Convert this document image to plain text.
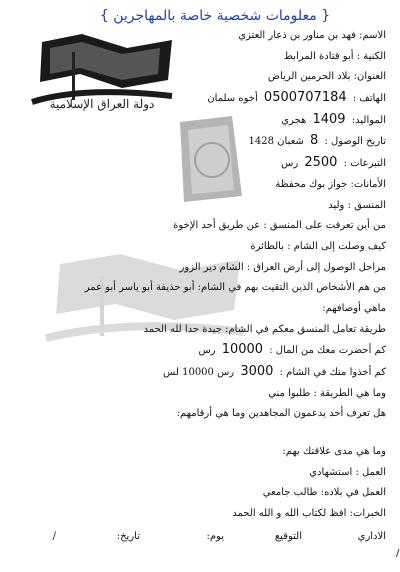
{ معلومات شخصية خاصة بالمهاجرين }
دولة العراق الإسلامية
الاسم: فهد بن مناور بن ذعار العتزي
الكنية : أبو قتادة المرابط
العنوان: بلاد الحرمين الرياض
الهاتف : 0500707184 أخوه سلمان
المواليد: 1409 هجري
تاريخ الوصول : 8 شعبان 1428
التبرعات : 2500 رس
الأمانات: جواز بوك محفظة
المنسق : وليد
من أين تعرفت على المنسق : عن طريق أحد الإخوة
كيف وصلت إلى الشام : بالطائرة
مراحل الوصول إلى أرض العراق : الشام دير الزور
من هم الأشخاص الذين التقيت بهم في الشام: أبو حذيفة أبو ياسر أبو عمر
ماهي أوصافهم:
طريقة تعامل المنسق معكم في الشام: جيدة جدا لله الحمد
كم أحضرت معك من المال : 10000 رس
كم أخذوا منك في الشام : 3000 رس 10000 لس
وما هي الطريقة : طلبوا مني
هل تعرف أحد يدعمون المجاهدين وما هي أرقامهم:
وما هي مدى علاقتك بهم:
العمل : استشهادي
العمل في بلاده: طالب جامعي
الخبرات: افظ لكتاب الله و الله الحمد
الاداري
التوقيع
يوم:
تاريخ:
/
/
